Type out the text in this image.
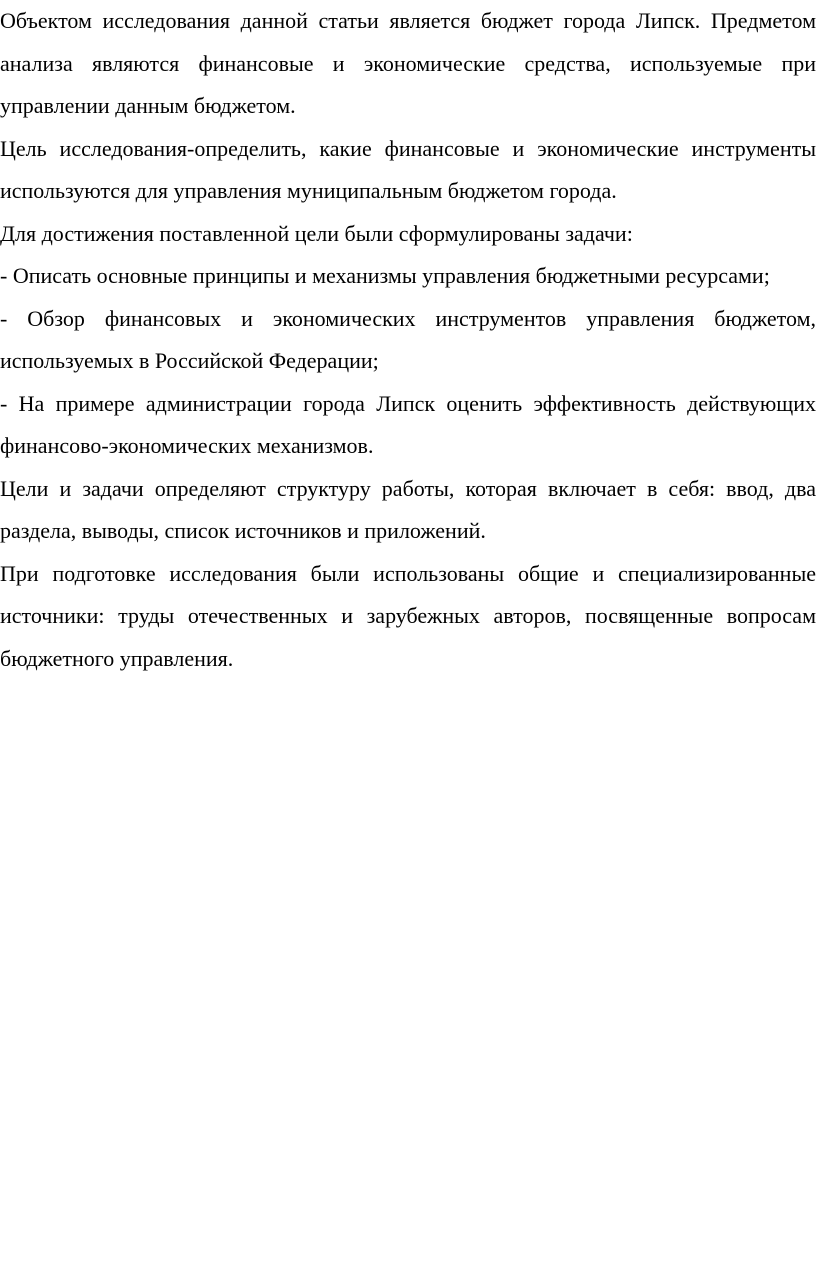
Объектом исследования данной статьи является бюджет города Липск. Предметом анализа являются финансовые и экономические средства, используемые при управлении данным бюджетом.

Цель исследования-определить, какие финансовые и экономические инструменты используются для управления муниципальным бюджетом города.

Для достижения поставленной цели были сформулированы задачи:

- Описать основные принципы и механизмы управления бюджетными ресурсами;

- Обзор финансовых и экономических инструментов управления бюджетом, используемых в Российской Федерации;

- На примере администрации города Липск оценить эффективность действующих финансово-экономических механизмов.

Цели и задачи определяют структуру работы, которая включает в себя: ввод, два раздела, выводы, список источников и приложений.

При подготовке исследования были использованы общие и специализированные источники: труды отечественных и зарубежных авторов, посвященные вопросам бюджетного управления.
